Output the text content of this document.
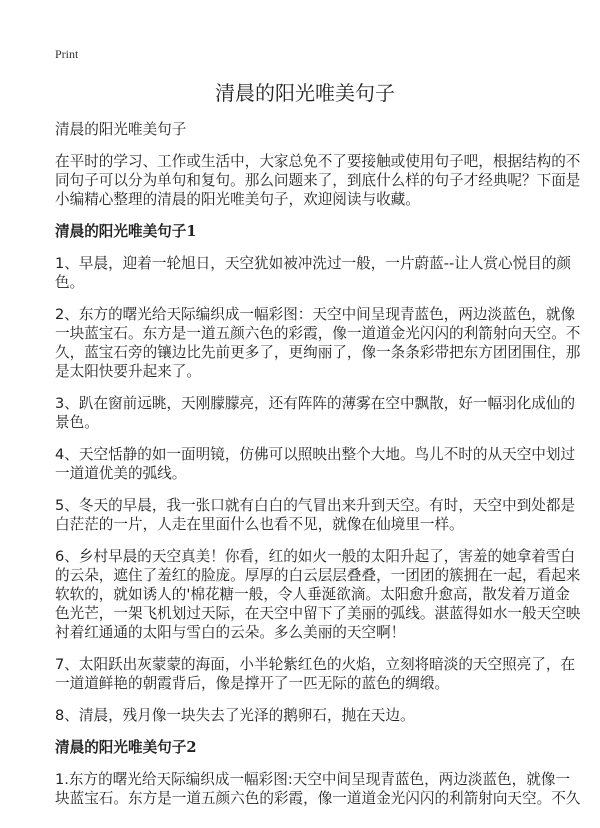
Print
清晨的阳光唯美句子
清晨的阳光唯美句子
在平时的学习、工作或生活中，大家总免不了要接触或使用句子吧，根据结构的不
同句子可以分为单句和复句。那么问题来了，到底什么样的句子才经典呢？下面是
小编精心整理的清晨的阳光唯美句子，欢迎阅读与收藏。
清晨的阳光唯美句子1
1、早晨，迎着一轮旭日，天空犹如被冲洗过一般，一片蔚蓝--让人赏心悦目的颜
色。
2、东方的曙光给天际编织成一幅彩图：天空中间呈现青蓝色，两边淡蓝色，就像
一块蓝宝石。东方是一道五颜六色的彩霞，像一道道金光闪闪的利箭射向天空。不
久，蓝宝石旁的镶边比先前更多了，更绚丽了，像一条条彩带把东方团团围住，那
是太阳快要升起来了。
3、趴在窗前远眺，天刚朦朦亮，还有阵阵的薄雾在空中飘散，好一幅羽化成仙的
景色。
4、天空恬静的如一面明镜，仿佛可以照映出整个大地。鸟儿不时的从天空中划过
一道道优美的弧线。
5、冬天的早晨，我一张口就有白白的气冒出来升到天空。有时，天空中到处都是
白茫茫的一片，人走在里面什么也看不见，就像在仙境里一样。
6、乡村早晨的天空真美！你看，红的如火一般的太阳升起了，害羞的她拿着雪白
的云朵，遮住了羞红的脸庞。厚厚的白云层层叠叠，一团团的簇拥在一起，看起来
软软的，就如诱人的'棉花糖一般，令人垂涎欲滴。太阳愈升愈高，散发着万道金
色光芒，一架飞机划过天际，在天空中留下了美丽的弧线。湛蓝得如水一般天空映
衬着红通通的太阳与雪白的云朵。多么美丽的天空啊！
7、太阳跃出灰蒙蒙的海面，小半轮紫红色的火焰，立刻将暗淡的天空照亮了，在
一道道鲜艳的朝霞背后，像是撑开了一匹无际的蓝色的绸缎。
8、清晨，残月像一块失去了光泽的鹅卵石，抛在天边。
清晨的阳光唯美句子2
1.东方的曙光给天际编织成一幅彩图:天空中间呈现青蓝色，两边淡蓝色，就像一
块蓝宝石。东方是一道五颜六色的彩霞，像一道道金光闪闪的利箭射向天空。不久
